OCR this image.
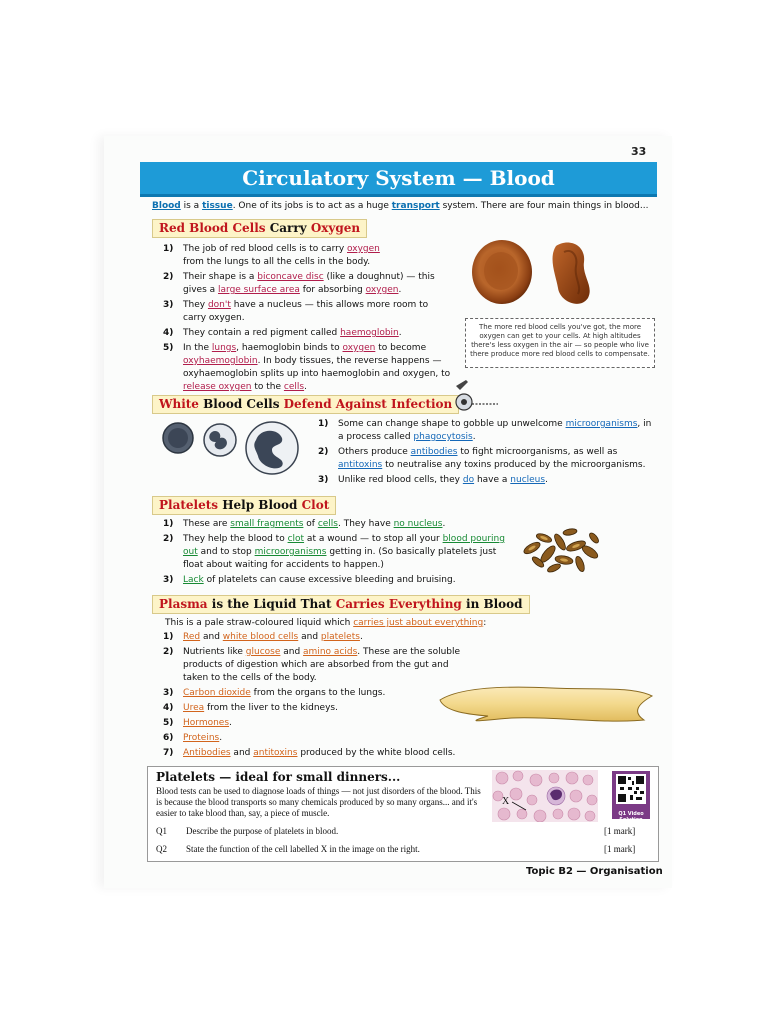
33
Circulatory System — Blood
Blood is a tissue. One of its jobs is to act as a huge transport system. There are four main things in blood...
Red Blood Cells Carry Oxygen
1) The job of red blood cells is to carry oxygen
from the lungs to all the cells in the body.
2) Their shape is a biconcave disc (like a doughnut) — this gives a large surface area for absorbing oxygen.
3) They don't have a nucleus — this allows more room to carry oxygen.
4) They contain a red pigment called haemoglobin.
5) In the lungs, haemoglobin binds to oxygen to become oxyhaemoglobin. In body tissues, the reverse happens — oxyhaemoglobin splits up into haemoglobin and oxygen, to release oxygen to the cells.
The more red blood cells you've got, the more oxygen can get to your cells. At high altitudes there's less oxygen in the air — so people who live there produce more red blood cells to compensate.
White Blood Cells Defend Against Infection
1) Some can change shape to gobble up unwelcome microorganisms, in a process called phagocytosis.
2) Others produce antibodies to fight microorganisms, as well as antitoxins to neutralise any toxins produced by the microorganisms.
3) Unlike red blood cells, they do have a nucleus.
Platelets Help Blood Clot
1) These are small fragments of cells. They have no nucleus.
2) They help the blood to clot at a wound — to stop all your blood pouring out and to stop microorganisms getting in. (So basically platelets just float about waiting for accidents to happen.)
3) Lack of platelets can cause excessive bleeding and bruising.
Plasma is the Liquid That Carries Everything in Blood
This is a pale straw-coloured liquid which carries just about everything:
1) Red and white blood cells and platelets.
2) Nutrients like glucose and amino acids. These are the soluble products of digestion which are absorbed from the gut and taken to the cells of the body.
3) Carbon dioxide from the organs to the lungs.
4) Urea from the liver to the kidneys.
5) Hormones.
6) Proteins.
7) Antibodies and antitoxins produced by the white blood cells.
Platelets — ideal for small dinners...
Blood tests can be used to diagnose loads of things — not just disorders of the blood. This is because the blood transports so many chemicals produced by so many organs... and it's easier to take blood than, say, a piece of muscle.
Q1 Describe the purpose of platelets in blood.	[1 mark]
Q2 State the function of the cell labelled X in the image on the right.	[1 mark]
X
Q1 Video Solution
Topic B2 — Organisation
